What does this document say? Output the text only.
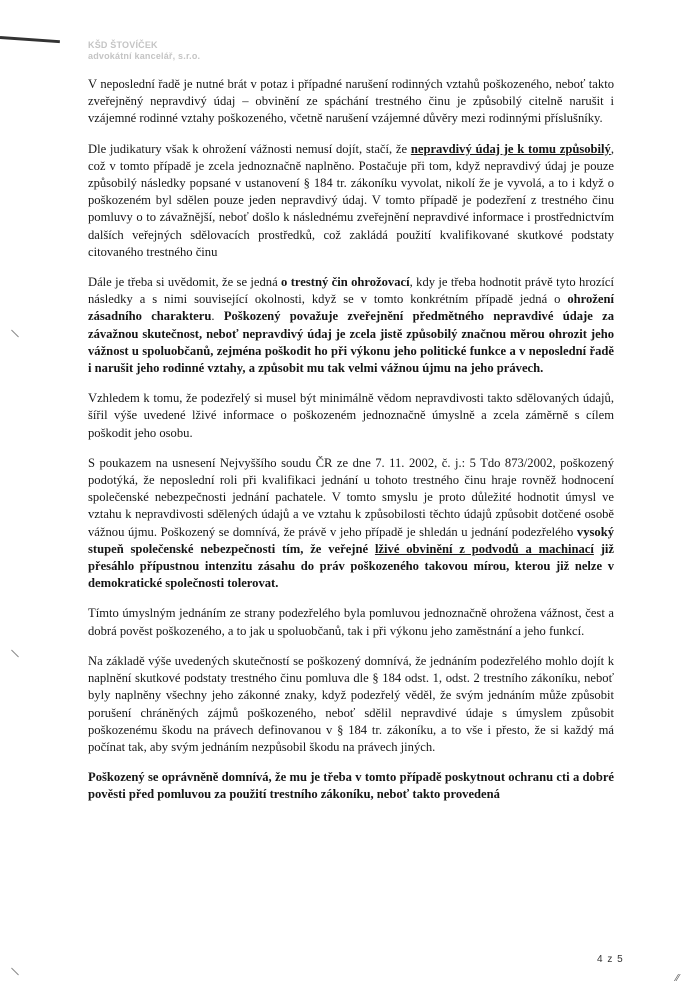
KŠD ŠTOVÍČEK
advokátní kancelář, s.r.o.

V neposlední řadě je nutné brát v potaz i případné narušení rodinných vztahů poškozeného, neboť takto zveřejněný nepravdivý údaj – obvinění ze spáchání trestného činu je způsobilý citelně narušit i vzájemné rodinné vztahy poškozeného, včetně narušení vzájemné důvěry mezi rodinnými příslušníky.

Dle judikatury však k ohrožení vážnosti nemusí dojít, stačí, že nepravdivý údaj je k tomu způsobilý, což v tomto případě je zcela jednoznačně naplněno. Postačuje při tom, když nepravdivý údaj je pouze způsobilý následky popsané v ustanovení § 184 tr. zákoníku vyvolat, nikolí že je vyvolá, a to i když o poškozeném byl sdělen pouze jeden nepravdivý údaj. V tomto případě je podezření z trestného činu pomluvy o to závažnější, neboť došlo k následnému zveřejnění nepravdivé informace i prostřednictvím dalších veřejných sdělovacích prostředků, což zakládá použití kvalifikované skutkové podstaty citovaného trestného činu

Dále je třeba si uvědomit, že se jedná o trestný čin ohrožovací, kdy je třeba hodnotit právě tyto hrozící následky a s nimi související okolnosti, když se v tomto konkrétním případě jedná o ohrožení zásadního charakteru. Poškozený považuje zveřejnění předmětného nepravdivé údaje za závažnou skutečnost, neboť nepravdivý údaj je zcela jistě způsobilý značnou měrou ohrozit jeho vážnost u spoluobčanů, zejména poškodit ho při výkonu jeho politické funkce a v neposlední řadě i narušit jeho rodinné vztahy, a způsobit mu tak velmi vážnou újmu na jeho právech.

Vzhledem k tomu, že podezřelý si musel být minimálně vědom nepravdivosti takto sdělovaných údajů, šířil výše uvedené lživé informace o poškozeném jednoznačně úmyslně a zcela záměrně s cílem poškodit jeho osobu.

S poukazem na usnesení Nejvyššího soudu ČR ze dne 7. 11. 2002, č. j.: 5 Tdo 873/2002, poškozený podotýká, že neposlední roli při kvalifikaci jednání u tohoto trestného činu hraje rovněž hodnocení společenské nebezpečnosti jednání pachatele. V tomto smyslu je proto důležité hodnotit úmysl ve vztahu k nepravdivosti sdělených údajů a ve vztahu k způsobilosti těchto údajů způsobit dotčené osobě vážnou újmu. Poškozený se domnívá, že právě v jeho případě je shledán u jednání podezřelého vysoký stupeň společenské nebezpečnosti tím, že veřejné lživé obvinění z podvodů a machinací již přesáhlo přípustnou intenzitu zásahu do práv poškozeného takovou mírou, kterou již nelze v demokratické společnosti tolerovat.

Tímto úmyslným jednáním ze strany podezřelého byla pomluvou jednoznačně ohrožena vážnost, čest a dobrá pověst poškozeného, a to jak u spoluobčanů, tak i při výkonu jeho zaměstnání a jeho funkcí.

Na základě výše uvedených skutečností se poškozený domnívá, že jednáním podezřelého mohlo dojít k naplnění skutkové podstaty trestného činu pomluva dle § 184 odst. 1, odst. 2 trestního zákoníku, neboť byly naplněny všechny jeho zákonné znaky, když podezřelý věděl, že svým jednáním může způsobit porušení chráněných zájmů poškozeného, neboť sdělil nepravdivé údaje s úmyslem způsobit poškozenému škodu na právech definovanou v § 184 tr. zákoníku, a to vše i přesto, že si každý má počínat tak, aby svým jednáním nezpůsobil škodu na právech jiných.

Poškozený se oprávněně domnívá, že mu je třeba v tomto případě poskytnout ochranu cti a dobré pověsti před pomluvou za použití trestního zákoníku, neboť takto provedená

4 z 5
⁄⁄
